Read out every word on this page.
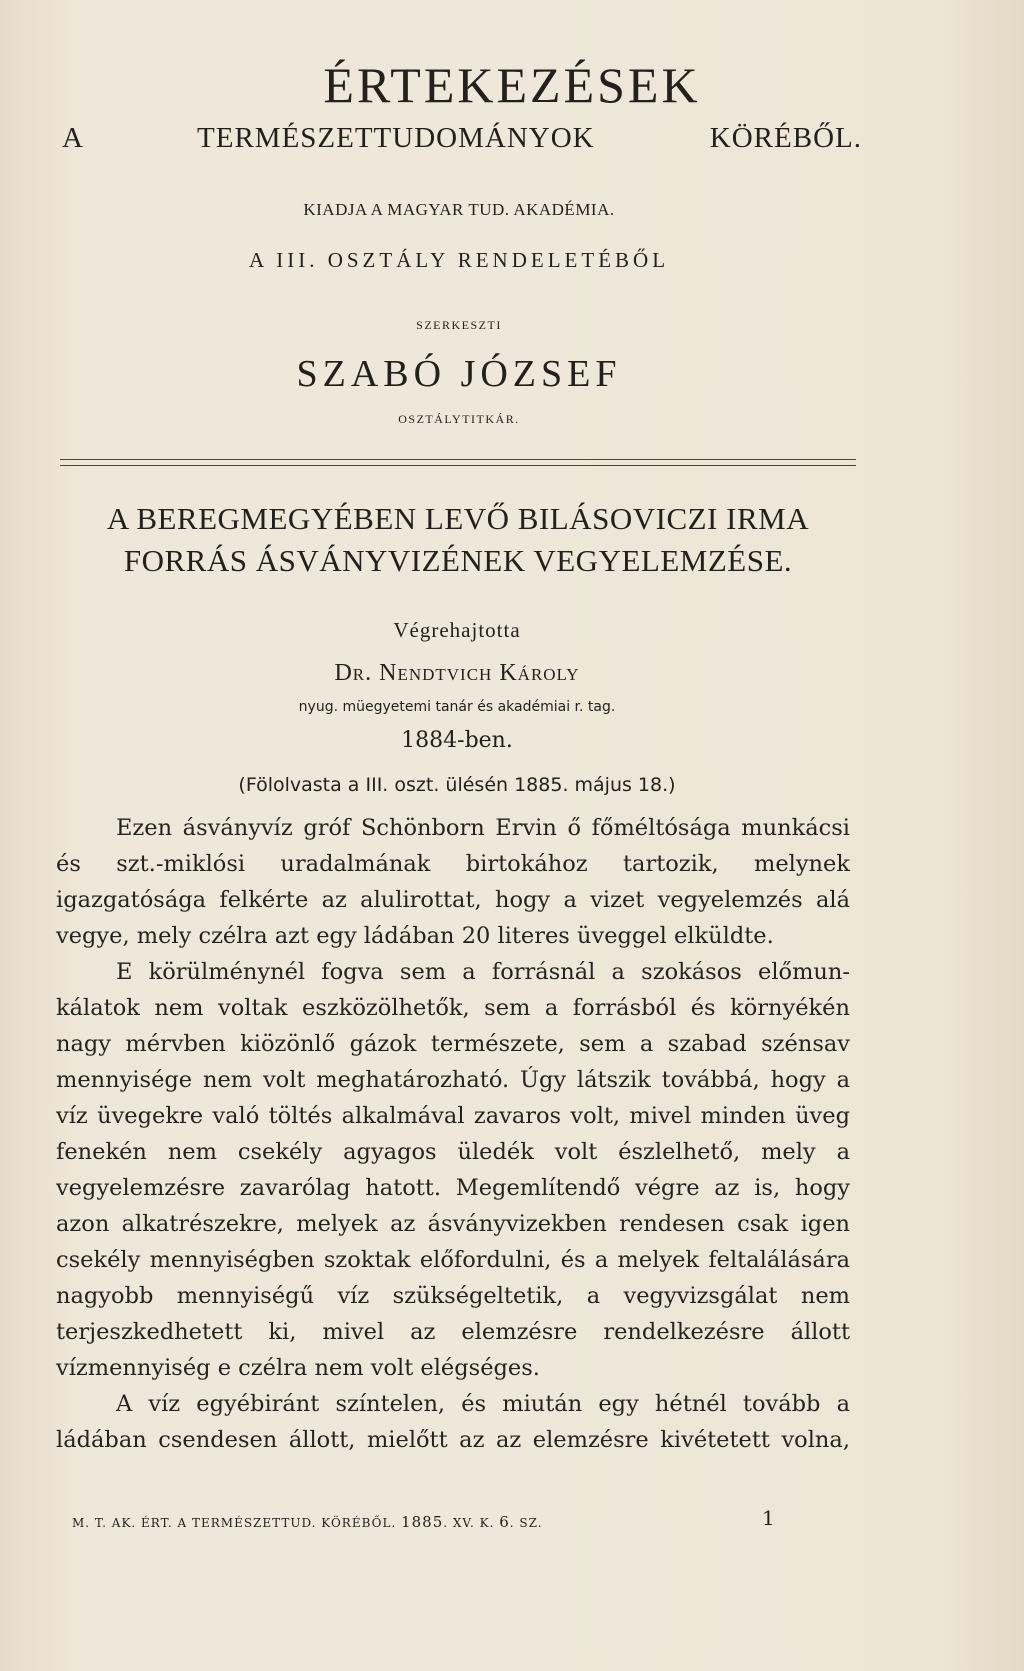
ÉRTEKEZÉSEK
A TERMÉSZETTUDOMÁNYOK KÖRÉBŐL.
KIADJA A MAGYAR TUD. AKADÉMIA.
A III. OSZTÁLY RENDELETÉBŐL
SZERKESZTI
SZABÓ JÓZSEF
OSZTÁLYTITKÁR.
A BEREGMEGYÉBEN LEVŐ BILÁSOVICZI IRMA
FORRÁS ÁSVÁNYVIZÉNEK VEGYELEMZÉSE.
Végrehajtotta
Dr. Nendtvich Károly
nyug. müegyetemi tanár és akadémiai r. tag.
1884-ben.
(Fölolvasta a III. oszt. ülésén 1885. május 18.)

Ezen ásványvíz gróf Schönborn Ervin ő főméltósága munkácsi és szt.-miklósi uradalmának birtokához tartozik, melynek igazgatósága felkérte az alulirottat, hogy a vizet vegyelemzés alá vegye, mely czélra azt egy ládában 20 literes üveggel elküldte.

E körülménynél fogva sem a forrásnál a szokásos előmunkálatok nem voltak eszközölhetők, sem a forrásból és környékén nagy mérvben kiözönlő gázok természete, sem a szabad szénsav mennyisége nem volt meghatározható. Úgy látszik továbbá, hogy a víz üvegekre való töltés alkalmával zavaros volt, mivel minden üveg fenekén nem csekély agyagos üledék volt észlelhető, mely a vegyelemzésre zavarólag hatott. Megemlítendő végre az is, hogy azon alkatrészekre, melyek az ásványvizekben rendesen csak igen csekély mennyiségben szoktak előfordulni, és a melyek feltalálására nagyobb mennyiségű víz szükségeltetik, a vegyvizsgálat nem terjeszkedhetett ki, mivel az elemzésre rendelkezésre állott vízmennyiség e czélra nem volt elégséges.

A víz egyébiránt színtelen, és miután egy hétnél tovább a ládában csendesen állott, mielőtt az az elemzésre kivétetett volna,

M. T. AK. ÉRT. A TERMÉSZETTUD. KÖRÉBŐL. 1885. XV. K. 6. SZ.	1
